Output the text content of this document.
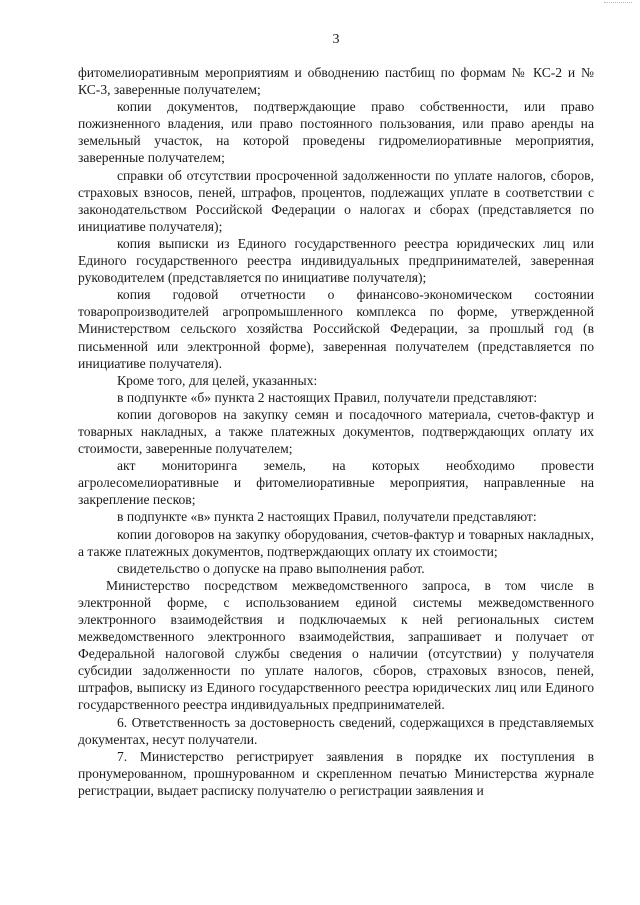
3

фитомелиоративным мероприятиям и обводнению пастбищ по формам № КС-2 и № КС-3, заверенные получателем;

копии документов, подтверждающие право собственности, или право пожизненного владения, или право постоянного пользования, или право аренды на земельный участок, на которой проведены гидромелиоративные мероприятия, заверенные получателем;

справки об отсутствии просроченной задолженности по уплате налогов, сборов, страховых взносов, пеней, штрафов, процентов, подлежащих уплате в соответствии с законодательством Российской Федерации о налогах и сборах (представляется по инициативе получателя);

копия выписки из Единого государственного реестра юридических лиц или Единого государственного реестра индивидуальных предпринимателей, заверенная руководителем (представляется по инициативе получателя);

копия годовой отчетности о финансово-экономическом состоянии товаропроизводителей агропромышленного комплекса по форме, утвержденной Министерством сельского хозяйства Российской Федерации, за прошлый год (в письменной или электронной форме), заверенная получателем (представляется по инициативе получателя).

Кроме того, для целей, указанных:

в подпункте «б» пункта 2 настоящих Правил, получатели представляют:

копии договоров на закупку семян и посадочного материала, счетов-фактур и товарных накладных, а также платежных документов, подтверждающих оплату их стоимости, заверенные получателем;

акт мониторинга земель, на которых необходимо провести агролесомелиоративные и фитомелиоративные мероприятия, направленные на закрепление песков;

в подпункте «в» пункта 2 настоящих Правил, получатели представляют:

копии договоров на закупку оборудования, счетов-фактур и товарных накладных, а также платежных документов, подтверждающих оплату их стоимости;

свидетельство о допуске на право выполнения работ.

Министерство посредством межведомственного запроса, в том числе в электронной форме, с использованием единой системы межведомственного электронного взаимодействия и подключаемых к ней региональных систем межведомственного электронного взаимодействия, запрашивает и получает от Федеральной налоговой службы сведения о наличии (отсутствии) у получателя субсидии задолженности по уплате налогов, сборов, страховых взносов, пеней, штрафов, выписку из Единого государственного реестра юридических лиц или Единого государственного реестра индивидуальных предпринимателей.

6. Ответственность за достоверность сведений, содержащихся в представляемых документах, несут получатели.

7. Министерство регистрирует заявления в порядке их поступления в пронумерованном, прошнурованном и скрепленном печатью Министерства журнале регистрации, выдает расписку получателю о регистрации заявления и
